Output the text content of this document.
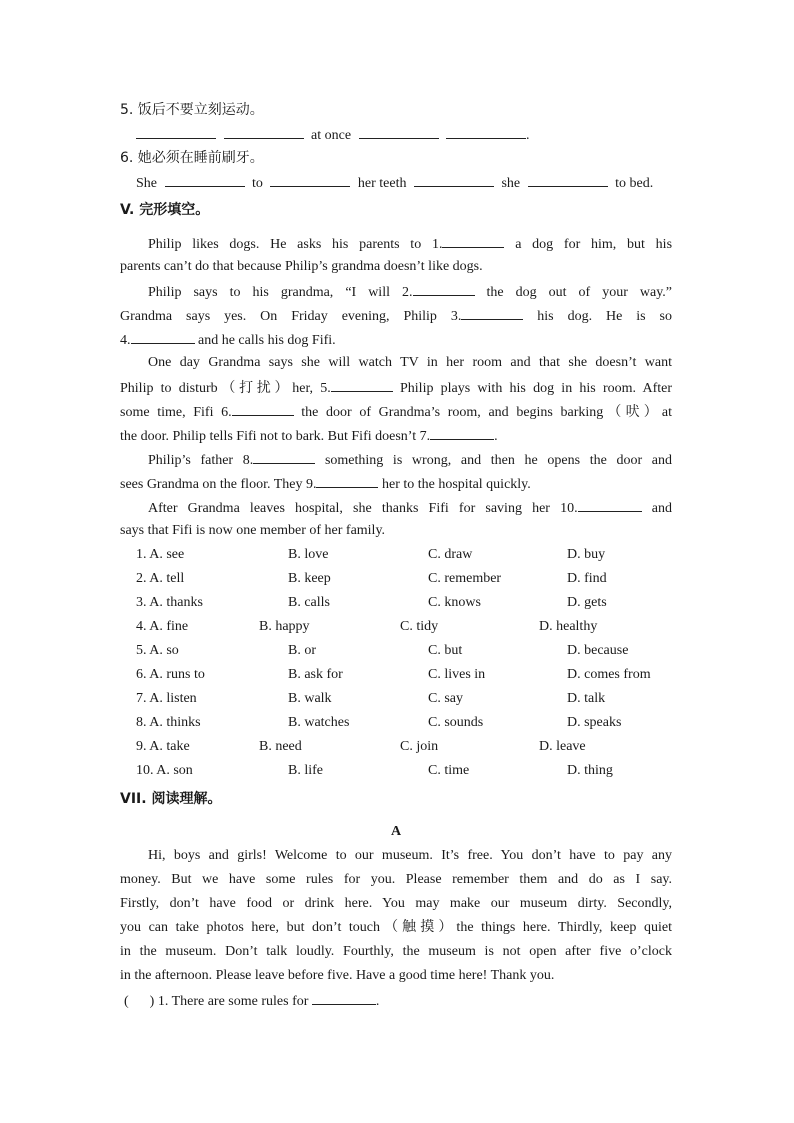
5. 饭后不要立刻运动。
at once	.
6. 她必须在睡前刷牙。
She	to	her teeth	she	to bed.
V. 完形填空。
Philip likes dogs. He asks his parents to 1.	a dog for him, but his
parents can’t do that because Philip’s grandma doesn’t like dogs.
Philip says to his grandma, “I will 2.	the dog out of your way.”
Grandma says yes. On Friday evening, Philip 3.	his dog. He is so
4.	and he calls his dog Fifi.
One day Grandma says she will watch TV in her room and that she doesn’t want
Philip to disturb（打扰）her, 5.	Philip plays with his dog in his room. After
some time, Fifi 6.	the door of Grandma’s room, and begins barking（吠）at
the door. Philip tells Fifi not to bark. But Fifi doesn’t 7.	.
Philip’s father 8.	something is wrong, and then he opens the door and
sees Grandma on the floor. They 9.	her to the hospital quickly.
After Grandma leaves hospital, she thanks Fifi for saving her 10.	and
says that Fifi is now one member of her family.
1. A. see	B. love	C. draw	D. buy
2. A. tell	B. keep	C. remember	D. find
3. A. thanks	B. calls	C. knows	D. gets
4. A. fine	B. happy	C. tidy	D. healthy
5. A. so	B. or	C. but	D. because
6. A. runs to	B. ask for	C. lives in	D. comes from
7. A. listen	B. walk	C. say	D. talk
8. A. thinks	B. watches	C. sounds	D. speaks
9. A. take	B. need	C. join	D. leave
10. A. son	B. life	C. time	D. thing
VII. 阅读理解。
A
Hi, boys and girls! Welcome to our museum. It’s free. You don’t have to pay any
money. But we have some rules for you. Please remember them and do as I say.
Firstly, don’t have food or drink here. You may make our museum dirty. Secondly,
you can take photos here, but don’t touch（触摸）the things here. Thirdly, keep quiet
in the museum. Don’t talk loudly. Fourthly, the museum is not open after five o’clock
in the afternoon. Please leave before five. Have a good time here! Thank you.
(      ) 1. There are some rules for	.
